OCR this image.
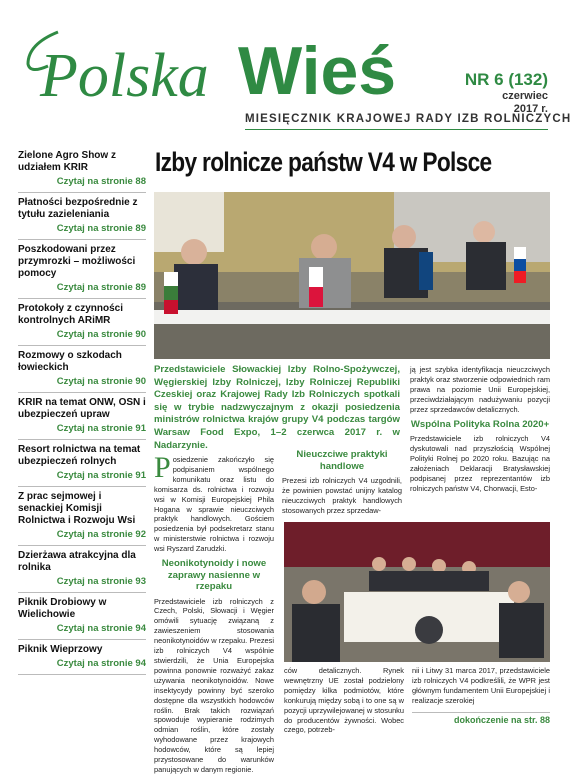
Polska Wieś	NR 6 (132)
czerwiec
2017 r.
MIESIĘCZNIK KRAJOWEJ RADY IZB ROLNICZYCH
Zielone Agro Show z udziałem KRIR
Czytaj na stronie 88
Płatności bezpośrednie z tytułu zazieleniania
Czytaj na stronie 89
Poszkodowani przez przymrozki – możliwości pomocy
Czytaj na stronie 89
Protokoły z czynności kontrolnych ARiMR
Czytaj na stronie 90
Rozmowy o szkodach łowieckich
Czytaj na stronie 90
KRIR na temat ONW, OSN i ubezpieczeń upraw
Czytaj na stronie 91
Resort rolnictwa na temat ubezpieczeń rolnych
Czytaj na stronie 91
Z prac sejmowej i senackiej Komisji Rolnictwa i Rozwoju Wsi
Czytaj na stronie 92
Dzierżawa atrakcyjna dla rolnika
Czytaj na stronie 93
Piknik Drobiowy w Wielichowie
Czytaj na stronie 94
Piknik Wieprzowy
Czytaj na stronie 94
Izby rolnicze państw V4 w Polsce
Przedstawiciele Słowackiej Izby Rolno-Spożywczej, Węgierskiej Izby Rolniczej, Izby Rolniczej Republiki Czeskiej oraz Krajowej Rady Izb Rolniczych spotkali się w trybie nadzwyczajnym z okazji posiedzenia ministrów rolnictwa krajów grupy V4 podczas targów Warsaw Food Expo, 1–2 czerwca 2017 r. w Nadarzynie.
Posiedzenie zakończyło się podpisaniem wspólnego komunikatu oraz listu do komisarza ds. rolnictwa i rozwoju wsi w Komisji Europejskiej Phila Hogana w sprawie nieuczciwych praktyk handlowych. Gościem posiedzenia był podsekretarz stanu w ministerstwie rolnictwa i rozwoju wsi Ryszard Zarudzki.
Neonikotynoidy i nowe zaprawy nasienne w rzepaku
Przedstawiciele izb rolniczych z Czech, Polski, Słowacji i Węgier omówili sytuację związaną z zawieszeniem stosowania neonikotynoidów w rzepaku. Prezesi izb rolniczych V4 wspólnie stwierdzili, że Unia Europejska powinna ponownie rozważyć zakaz używania neonikotynoidów. Nowe insektycydy powinny być szeroko dostępne dla wszystkich hodowców roślin. Brak takich rozwiązań spowoduje wypieranie rodzimych odmian roślin, które zostały wyhodowane przez krajowych hodowców, które są lepiej przystosowane do warunków panujących w danym regionie.
Nieuczciwe praktyki handlowe
Prezesi izb rolniczych V4 uzgodnili, że powinien powstać unijny katalog nieuczciwych praktyk handlowych stosowanych przez sprzedaw-
ją jest szybka identyfikacja nieuczciwych praktyk oraz stworzenie odpowiednich ram prawa na poziomie Unii Europejskiej, przeciwdziałającym nadużywaniu pozycji przez sprzedawców detalicznych.
Wspólna Polityka Rolna 2020+
Przedstawiciele izb rolniczych V4 dyskutowali nad przyszłością Wspólnej Polityki Rolnej po 2020 roku. Bazując na założeniach Deklaracji Bratysławskiej podpisanej przez reprezentantów izb rolniczych państw V4, Chorwacji, Esto-
ców detalicznych. Rynek wewnętrzny UE został podzielony pomiędzy kilka podmiotów, które konkurują między sobą i to one są w pozycji uprzywilejowanej w stosunku do producentów żywności. Wobec czego, potrzeb-
nii i Litwy 31 marca 2017, przedstawiciele izb rolniczych V4 podkreślili, że WPR jest głównym fundamentem Unii Europejskiej i realizacje szerokiej
dokończenie na str. 88
